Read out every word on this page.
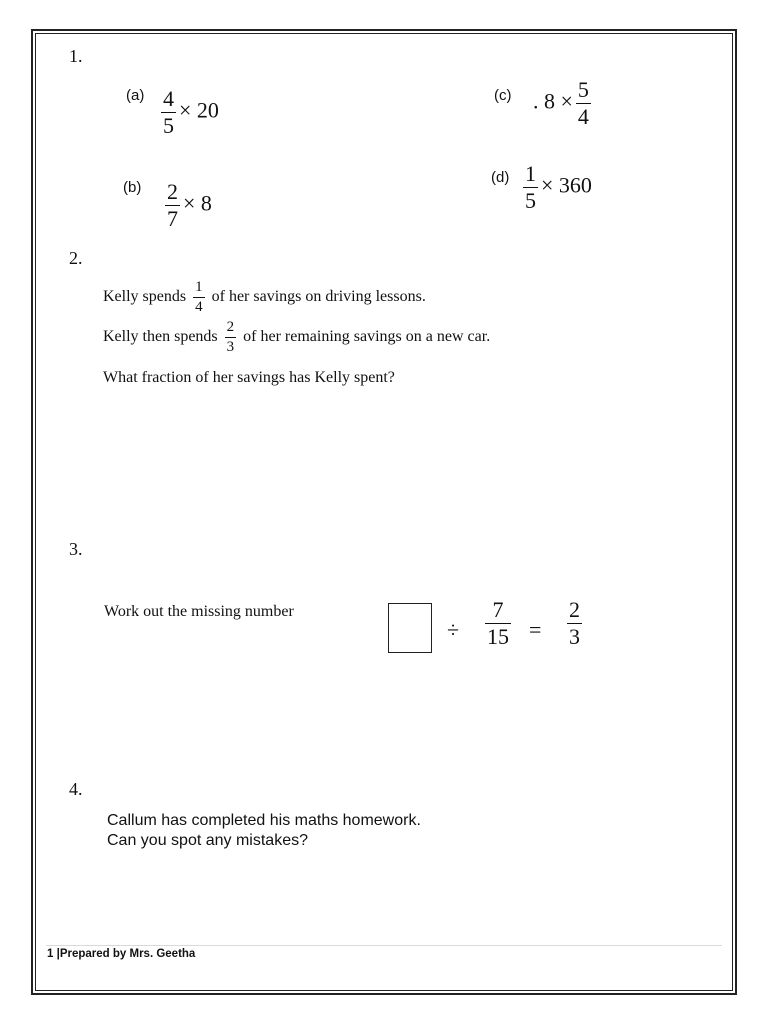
1.
$(a) \frac{4}{5} \times 20$
(c) . $8 \times \frac{5}{4}$
$(b) \frac{2}{7} \times 8$
$(d) \frac{1}{5} \times 360$
2.
Kelly spends $\frac{1}{4}$ of her savings on driving lessons.
Kelly then spends $\frac{2}{3}$ of her remaining savings on a new car.
What fraction of her savings has Kelly spent?
3.
Work out the missing number
÷ $\frac{7}{15} = \frac{2}{3}$
4.
Callum has completed his maths homework.
Can you spot any mistakes?
1 |Prepared by Mrs. Geetha
